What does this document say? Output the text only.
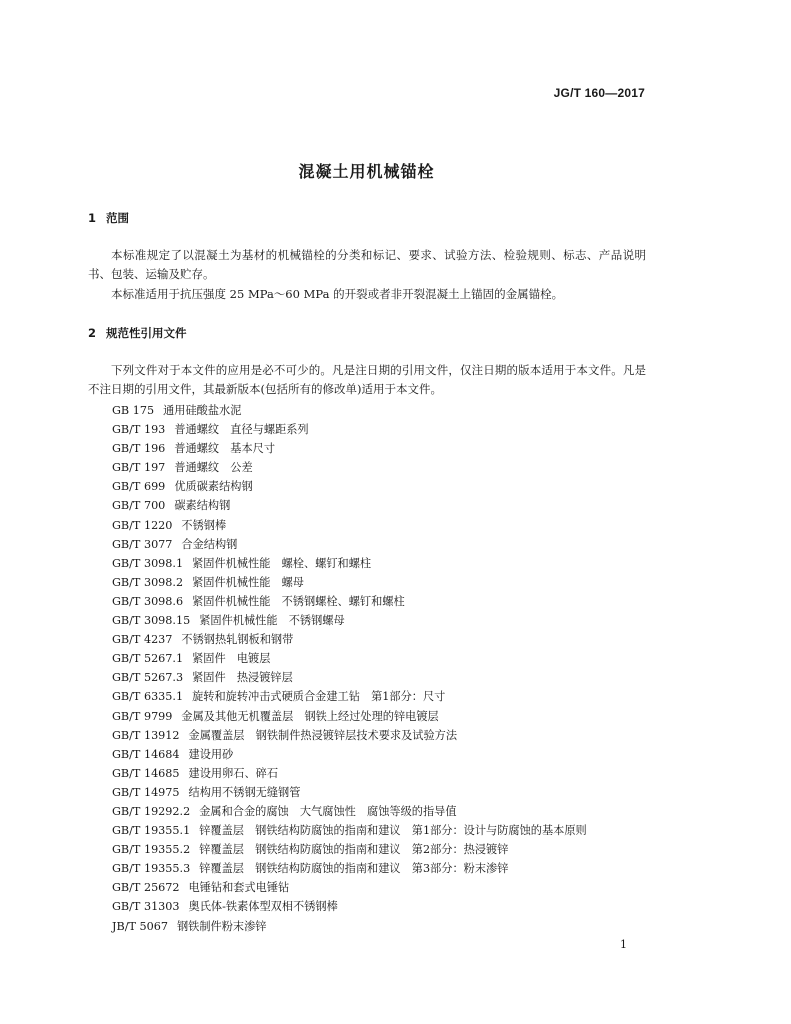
JG/T 160—2017
混凝土用机械锚栓
1 范围

本标准规定了以混凝土为基材的机械锚栓的分类和标记、要求、试验方法、检验规则、标志、产品说明书、包装、运输及贮存。

本标准适用于抗压强度 25 MPa～60 MPa 的开裂或者非开裂混凝土上锚固的金属锚栓。

2 规范性引用文件

下列文件对于本文件的应用是必不可少的。凡是注日期的引用文件，仅注日期的版本适用于本文件。凡是不注日期的引用文件，其最新版本(包括所有的修改单)适用于本文件。

GB 175 通用硅酸盐水泥
GB/T 193 普通螺纹　直径与螺距系列
GB/T 196 普通螺纹　基本尺寸
GB/T 197 普通螺纹　公差
GB/T 699 优质碳素结构钢
GB/T 700 碳素结构钢
GB/T 1220 不锈钢棒
GB/T 3077 合金结构钢
GB/T 3098.1 紧固件机械性能　螺栓、螺钉和螺柱
GB/T 3098.2 紧固件机械性能　螺母
GB/T 3098.6 紧固件机械性能　不锈钢螺栓、螺钉和螺柱
GB/T 3098.15 紧固件机械性能　不锈钢螺母
GB/T 4237 不锈钢热轧钢板和钢带
GB/T 5267.1 紧固件　电镀层
GB/T 5267.3 紧固件　热浸镀锌层
GB/T 6335.1 旋转和旋转冲击式硬质合金建工钻　第1部分：尺寸
GB/T 9799 金属及其他无机覆盖层　钢铁上经过处理的锌电镀层
GB/T 13912 金属覆盖层　钢铁制件热浸镀锌层技术要求及试验方法
GB/T 14684 建设用砂
GB/T 14685 建设用卵石、碎石
GB/T 14975 结构用不锈钢无缝钢管
GB/T 19292.2 金属和合金的腐蚀　大气腐蚀性　腐蚀等级的指导值
GB/T 19355.1 锌覆盖层　钢铁结构防腐蚀的指南和建议　第1部分：设计与防腐蚀的基本原则
GB/T 19355.2 锌覆盖层　钢铁结构防腐蚀的指南和建议　第2部分：热浸镀锌
GB/T 19355.3 锌覆盖层　钢铁结构防腐蚀的指南和建议　第3部分：粉末渗锌
GB/T 25672 电锤钻和套式电锤钻
GB/T 31303 奥氏体-铁素体型双相不锈钢棒
JB/T 5067 钢铁制件粉末渗锌
1
